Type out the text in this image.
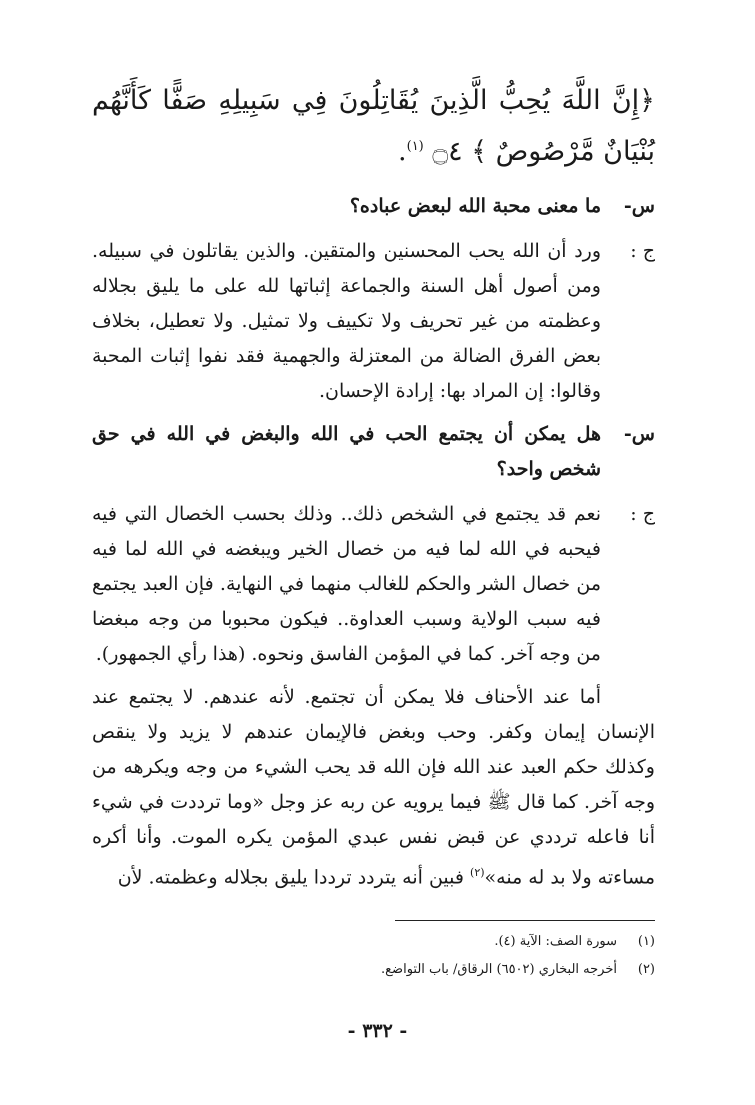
﴿إِنَّ اللَّهَ يُحِبُّ الَّذِينَ يُقَاتِلُونَ فِي سَبِيلِهِ صَفًّا كَأَنَّهُم بُنْيَانٌ مَّرْصُوصٌ ﴾ ۝٤ $^{(١)}$.

س-
ما معنى محبة الله لبعض عباده؟
ج :
ورد أن الله يحب المحسنين والمتقين. والذين يقاتلون في سبيله. ومن أصول أهل السنة والجماعة إثباتها لله على ما يليق بجلاله وعظمته من غير تحريف ولا تكييف ولا تمثيل. ولا تعطيل، بخلاف بعض الفرق الضالة من المعتزلة والجهمية فقد نفوا إثبات المحبة وقالوا: إن المراد بها: إرادة الإحسان.
س-
هل يمكن أن يجتمع الحب في الله والبغض في الله في حق شخص واحد؟
ج :
نعم قد يجتمع في الشخص ذلك.. وذلك بحسب الخصال التي فيه فيحبه في الله لما فيه من خصال الخير ويبغضه في الله لما فيه من خصال الشر والحكم للغالب منهما في النهاية. فإن العبد يجتمع فيه سبب الولاية وسبب العداوة.. فيكون محبوبا من وجه مبغضا من وجه آخر. كما في المؤمن الفاسق ونحوه. (هذا رأي الجمهور).

أما عند الأحناف فلا يمكن أن تجتمع. لأنه عندهم. لا يجتمع عند الإنسان إيمان وكفر. وحب وبغض فالإيمان عندهم لا يزيد ولا ينقص وكذلك حكم العبد عند الله فإن الله قد يحب الشيء من وجه ويكرهه من وجه آخر. كما قال ﷺ فيما يرويه عن ربه عز وجل «وما ترددت في شيء أنا فاعله ترددي عن قبض نفس عبدي المؤمن يكره الموت. وأنا أكره مساءته ولا بد له منه»$^{(٢)}$ فبين أنه يتردد ترددا يليق بجلاله وعظمته. لأن

(١)
سورة الصف: الآية (٤).
(٢)
أخرجه البخاري (٦٥٠٢) الرقاق/ باب التواضع.
- ٣٣٢ -
